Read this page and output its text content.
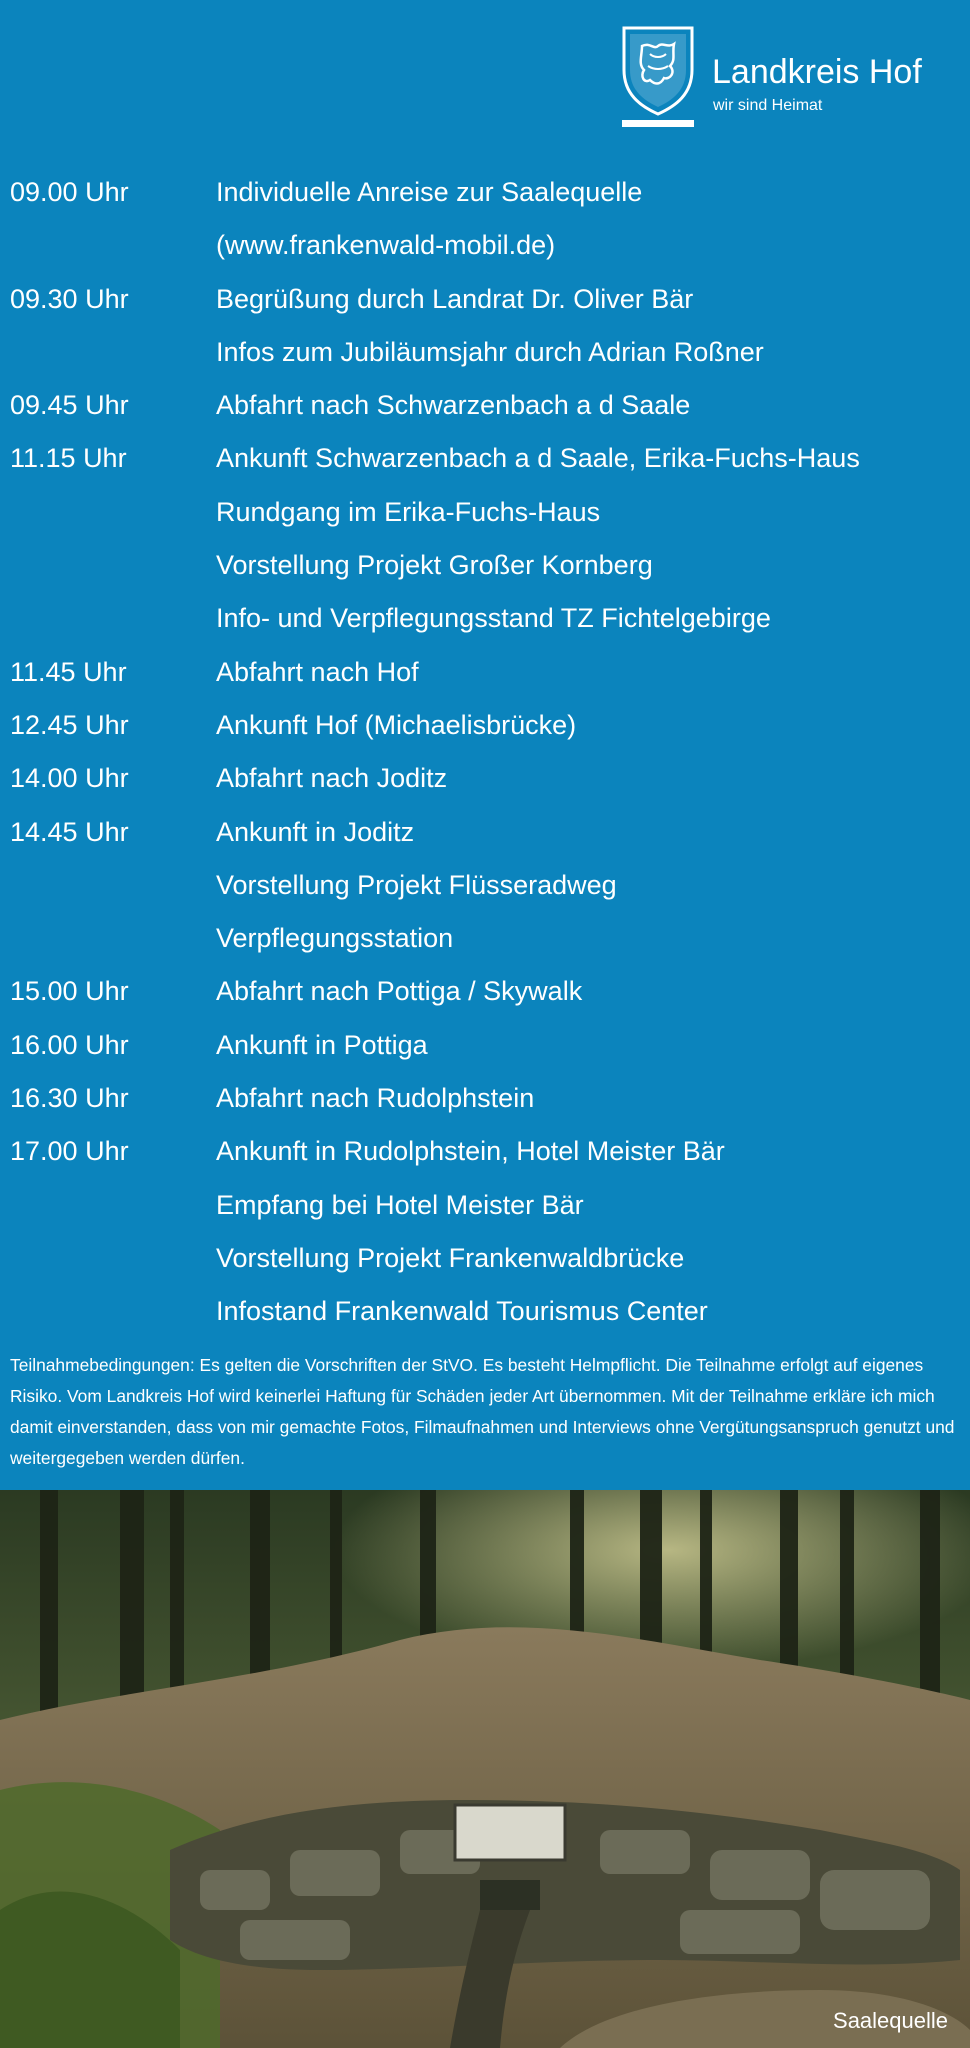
Landkreis Hof
wir sind Heimat
09.00 Uhr	Individuelle Anreise zur Saalequelle
(www.frankenwald-mobil.de)
09.30 Uhr	Begrüßung durch Landrat Dr. Oliver Bär
Infos zum Jubiläumsjahr durch Adrian Roßner
09.45 Uhr	Abfahrt nach Schwarzenbach a d Saale
11.15 Uhr	Ankunft Schwarzenbach a d Saale, Erika-Fuchs-Haus
Rundgang im Erika-Fuchs-Haus
Vorstellung Projekt Großer Kornberg
Info- und Verpflegungsstand TZ Fichtelgebirge
11.45 Uhr	Abfahrt nach Hof
12.45 Uhr	Ankunft Hof (Michaelisbrücke)
14.00 Uhr	Abfahrt nach Joditz
14.45 Uhr	Ankunft in Joditz
Vorstellung Projekt Flüsseradweg
Verpflegungsstation
15.00 Uhr	Abfahrt nach Pottiga / Skywalk
16.00 Uhr	Ankunft in Pottiga
16.30 Uhr	Abfahrt nach Rudolphstein
17.00 Uhr	Ankunft in Rudolphstein, Hotel Meister Bär
Empfang bei Hotel Meister Bär
Vorstellung Projekt Frankenwaldbrücke
Infostand Frankenwald Tourismus Center

Teilnahmebedingungen: Es gelten die Vorschriften der StVO. Es besteht Helmpflicht. Die Teilnahme erfolgt auf eigenes Risiko. Vom Landkreis Hof wird keinerlei Haftung für Schäden jeder Art übernommen. Mit der Teilnahme erkläre ich mich damit einverstanden, dass von mir gemachte Fotos, Filmaufnahmen und Interviews ohne Vergütungsanspruch genutzt und weitergegeben werden dürfen.

Saalequelle
